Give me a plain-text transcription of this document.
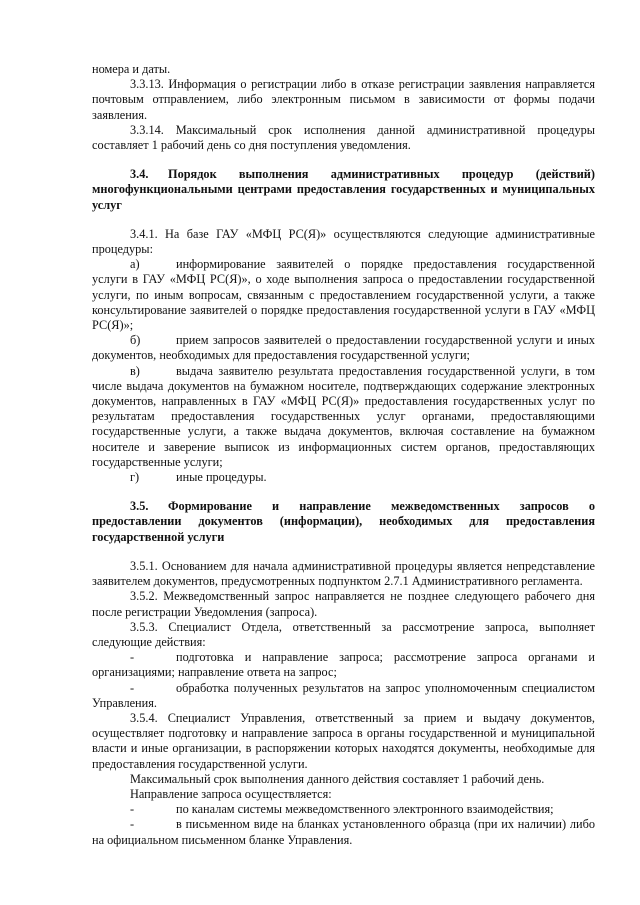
номера и даты.

3.3.13. Информация о регистрации либо в отказе регистрации заявления направляется почтовым отправлением, либо электронным письмом в зависимости от формы подачи заявления.

3.3.14. Максимальный срок исполнения данной административной процедуры составляет 1 рабочий день со дня поступления уведомления.

3.4. Порядок выполнения административных процедур (действий) многофункциональными центрами предоставления государственных и муниципальных услуг

3.4.1. На базе ГАУ «МФЦ РС(Я)» осуществляются следующие административные процедуры:

а)	информирование заявителей о порядке предоставления государственной услуги в ГАУ «МФЦ РС(Я)», о ходе выполнения запроса о предоставлении государственной услуги, по иным вопросам, связанным с предоставлением государственной услуги, а также консультирование заявителей о порядке предоставления государственной услуги в ГАУ «МФЦ РС(Я)»;

б)	прием запросов заявителей о предоставлении государственной услуги и иных документов, необходимых для предоставления государственной услуги;

в)	выдача заявителю результата предоставления государственной услуги, в том числе выдача документов на бумажном носителе, подтверждающих содержание электронных документов, направленных в ГАУ «МФЦ РС(Я)» предоставления государственных услуг по результатам предоставления государственных услуг органами, предоставляющими государственные услуги, а также выдача документов, включая составление на бумажном носителе и заверение выписок из информационных систем органов, предоставляющих государственные услуги;

г)	иные процедуры.

3.5. Формирование и направление межведомственных запросов о предоставлении документов (информации), необходимых для предоставления государственной услуги

3.5.1. Основанием для начала административной процедуры является непредставление заявителем документов, предусмотренных подпунктом 2.7.1 Административного регламента.

3.5.2. Межведомственный запрос направляется не позднее следующего рабочего дня после регистрации Уведомления (запроса).

3.5.3. Специалист Отдела, ответственный за рассмотрение запроса, выполняет следующие действия:

-	подготовка и направление запроса; рассмотрение запроса органами и организациями; направление ответа на запрос;

-	обработка полученных результатов на запрос уполномоченным специалистом Управления.

3.5.4. Специалист Управления, ответственный за прием и выдачу документов, осуществляет подготовку и направление запроса в органы государственной и муниципальной власти и иные организации, в распоряжении которых находятся документы, необходимые для предоставления государственной услуги.

Максимальный срок выполнения данного действия составляет 1 рабочий день.

Направление запроса осуществляется:

-	по каналам системы межведомственного электронного взаимодействия;

-	в письменном виде на бланках установленного образца (при их наличии) либо на официальном письменном бланке Управления.
